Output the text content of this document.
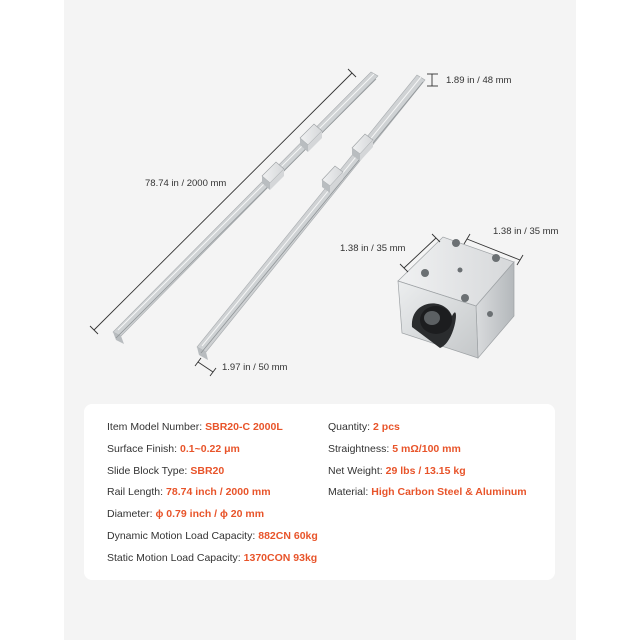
78.74 in / 2000 mm
1.89 in / 48 mm
1.97 in / 50 mm
1.38 in / 35 mm
1.38 in / 35 mm
Item Model Number: SBR20-C 2000L
Surface Finish: 0.1~0.22 μm
Slide Block Type: SBR20
Rail Length: 78.74 inch / 2000 mm
Diameter: ϕ 0.79 inch / ϕ 20 mm
Dynamic Motion Load Capacity: 882CN 60kg
Static Motion Load Capacity: 1370CON 93kg
Quantity: 2 pcs
Straightness: 5 mΩ/100 mm
Net Weight: 29 lbs / 13.15 kg
Material: High Carbon Steel & Aluminum
